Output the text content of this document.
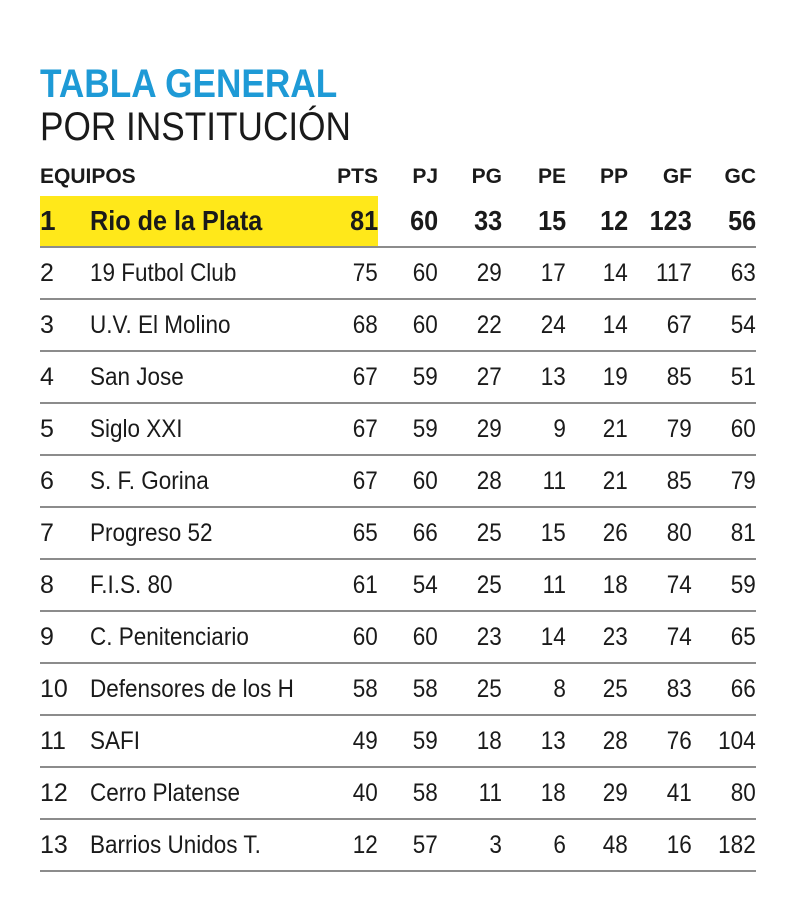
TABLA GENERAL
POR INSTITUCIÓN
EQUIPOS		PTS	PJ	PG	PE	PP	GF	GC
1	Rio de la Plata	81	60	33	15	12	123	56
2	19 Futbol Club	75	60	29	17	14	117	63
3	U.V. El Molino	68	60	22	24	14	67	54
4	San Jose	67	59	27	13	19	85	51
5	Siglo XXI	67	59	29	9	21	79	60
6	S. F. Gorina	67	60	28	11	21	85	79
7	Progreso 52	65	66	25	15	26	80	81
8	F.I.S. 80	61	54	25	11	18	74	59
9	C. Penitenciario	60	60	23	14	23	74	65
10	Defensores de los H	58	58	25	8	25	83	66
11	SAFI	49	59	18	13	28	76	104
12	Cerro Platense	40	58	11	18	29	41	80
13	Barrios Unidos T.	12	57	3	6	48	16	182
